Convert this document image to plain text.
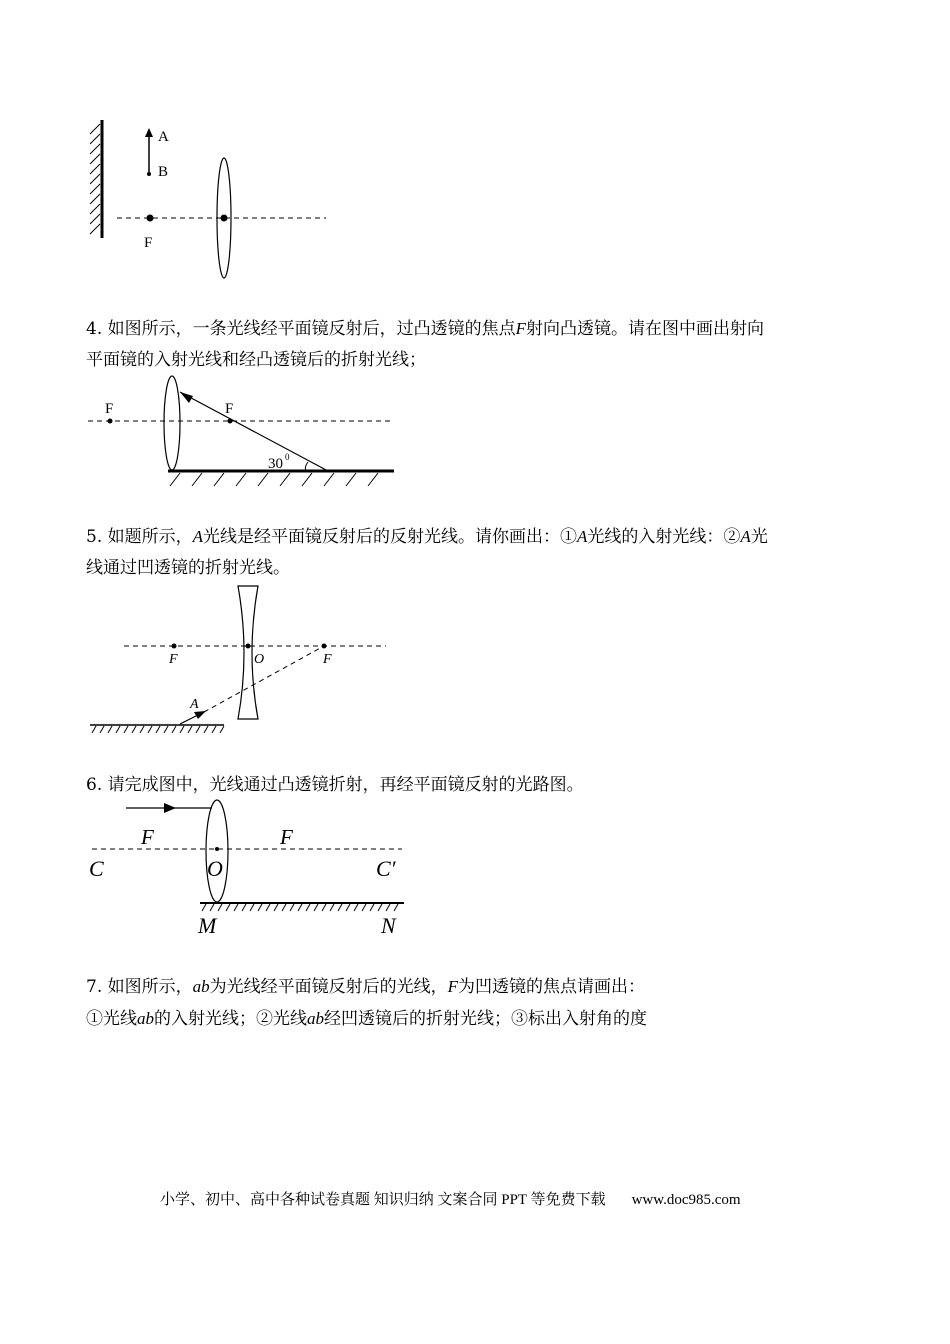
A
B
F
4. 如图所示，一条光线经平面镜反射后，过凸透镜的焦点F射向凸透镜。请在图中画出射向
平面镜的入射光线和经凸透镜后的折射光线；
F	F
30 0
5. 如题所示，A光线是经平面镜反射后的反射光线。请你画出：①A光线的入射光线：②A光
线通过凹透镜的折射光线。
F	O	F
A
6. 请完成图中，光线通过凸透镜折射，再经平面镜反射的光路图。
F	F
C	O	C′
M	N
7. 如图所示，ab为光线经平面镜反射后的光线，F为凹透镜的焦点请画出：
①光线ab的入射光线；②光线ab经凹透镜后的折射光线；③标出入射角的度
小学、初中、高中各种试卷真题 知识归纳 文案合同 PPT 等免费下载 www.doc985.com
